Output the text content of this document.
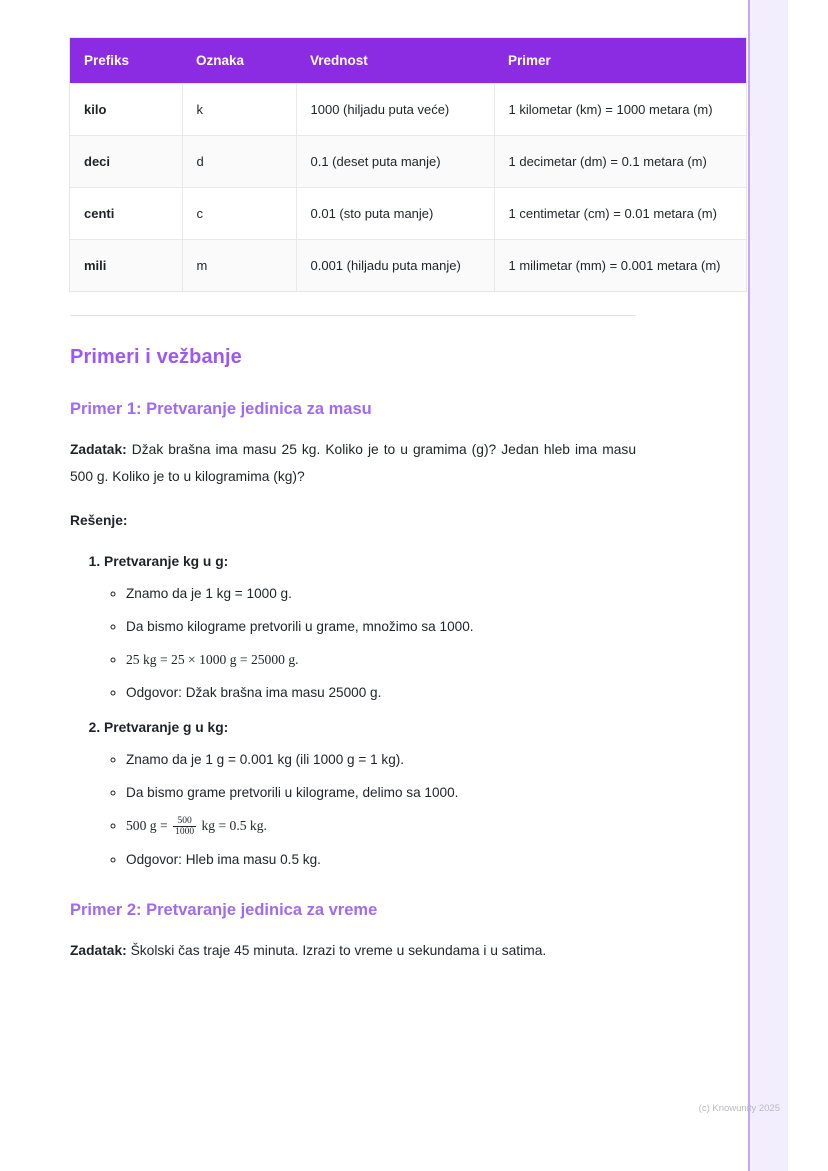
Prefiks	Oznaka	Vrednost	Primer
kilo	k	1000 (hiljadu puta veće)	1 kilometar (km) = 1000 metara (m)
deci	d	0.1 (deset puta manje)	1 decimetar (dm) = 0.1 metara (m)
centi	c	0.01 (sto puta manje)	1 centimetar (cm) = 0.01 metara (m)
mili	m	0.001 (hiljadu puta manje)	1 milimetar (mm) = 0.001 metara (m)
Primeri i vežbanje
Primer 1: Pretvaranje jedinica za masu

Zadatak: Džak brašna ima masu 25 kg. Koliko je to u gramima (g)? Jedan hleb ima masu 500 g. Koliko je to u kilogramima (kg)?

Rešenje:

1. Pretvaranje kg u g:
◦ Znamo da je 1 kg = 1000 g.
◦ Da bismo kilograme pretvorili u grame, množimo sa 1000.
◦ 25 kg = 25 × 1000 g = 25000 g.
◦ Odgovor: Džak brašna ima masu 25000 g.
2. Pretvaranje g u kg:
◦ Znamo da je 1 g = 0.001 kg (ili 1000 g = 1 kg).
◦ Da bismo grame pretvorili u kilograme, delimo sa 1000.
◦ 500 $g = \frac{500}{1000}$ kg = 0.5 kg.
◦ Odgovor: Hleb ima masu 0.5 kg.
Primer 2: Pretvaranje jedinica za vreme

Zadatak: Školski čas traje 45 minuta. Izrazi to vreme u sekundama i u satima.

(c) Knowunity 2025
